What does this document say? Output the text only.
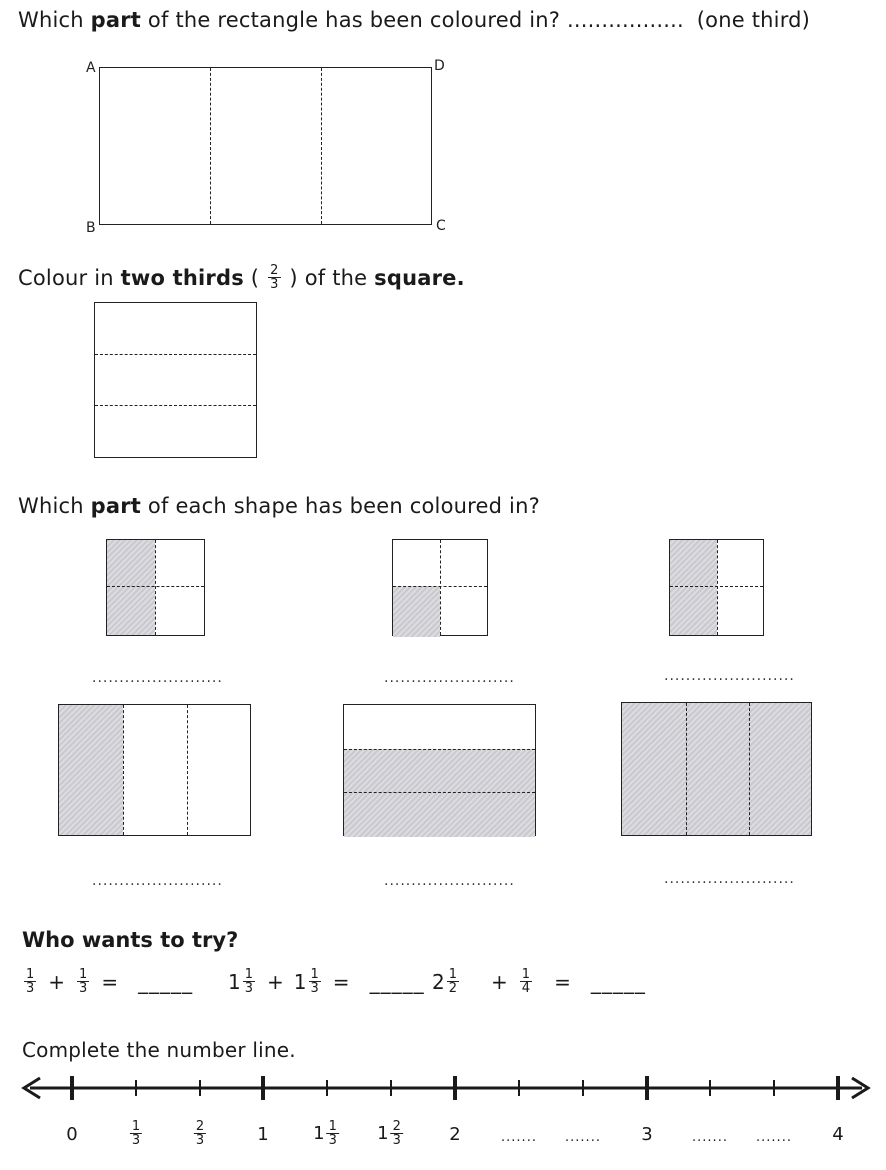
Which part of the rectangle has been coloured in? ................. (one third)
A	D
B	C
Colour in two thirds ( $\frac{2}{3}$ ) of the square.
Which part of each shape has been coloured in?
........................	........................	........................
........................	........................	........................
Who wants to try?
$\frac{1}{3} + \frac{1}{3}$ = _____ $1 \frac{1}{3} + 1 \frac{1}{3}$ = _____ $2 \frac{1}{2} + \frac{1}{4}$ = _____
Complete the number line.
0	$\frac{1}{3}$	$\frac{2}{3}$	1 $1 \frac{1}{3} 1 \frac{2}{3}$	2	....... ....... 3	....... ....... 4
